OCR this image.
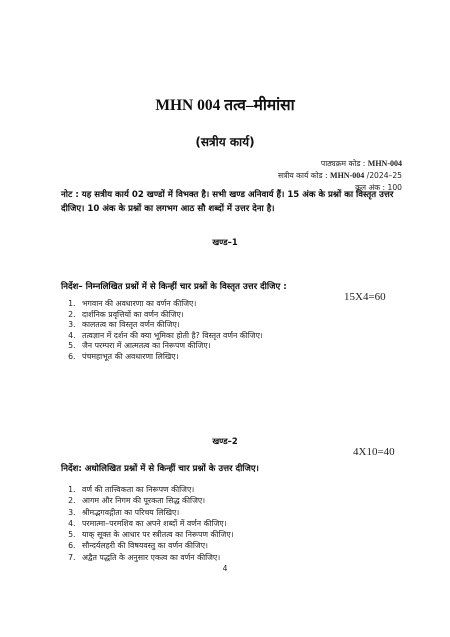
MHN 004 तत्व–मीमांसा
(सत्रीय कार्य)
पाठ्यक्रम कोड : MHN-004
सत्रीय कार्य कोड : MHN-004 /2024–25
कुल अंक : 100
नोट : यह सत्रीय कार्य 02 खण्डों में विभक्त है। सभी खण्ड अनिवार्य हैं। 15 अंक के प्रश्नों का विस्तृत उत्तर दीजिए। 10 अंक के प्रश्नों का लगभग आठ सौ शब्दों में उत्तर देना है।
खण्ड–1
निर्देश– निम्नलिखित प्रश्नों में से किन्हीं चार प्रश्नों के विस्तृत उत्तर दीजिए :
15X4=60
1. भगवान की अवधारणा का वर्णन कीजिए।
2. दार्शनिक प्रवृत्तियों का वर्णन कीजिए।
3. कालतत्व का विस्तृत वर्णन कीजिए।
4. तत्वज्ञान में दर्शन की क्या भूमिका होती है? विस्तृत वर्णन कीजिए।
5. जैन परम्परा में आत्मतत्व का निरूपण कीजिए।
6. पंचमहाभूत की अवधारणा लिखिए।
खण्ड–2
4X10=40
निर्देश: अधोलिखित प्रश्नों में से किन्हीं चार प्रश्नों के उत्तर दीजिए।
1. वर्ण की तात्त्विकता का निरूपण कीजिए।
2. आगम और निगम की पूरकता सिद्ध कीजिए।
3. श्रीमद्भगवद्गीता का परिचय लिखिए।
4. परमात्मा–परमशिव का अपने शब्दों में वर्णन कीजिए।
5. याक् सूक्त के आधार पर स्त्रीतत्व का निरूपण कीजिए।
6. सौन्दर्यलहरी की विषयवस्तु का वर्णन कीजिए।
7. अद्वैत पद्धति के अनुसार एकत्व का वर्णन कीजिए।
4
